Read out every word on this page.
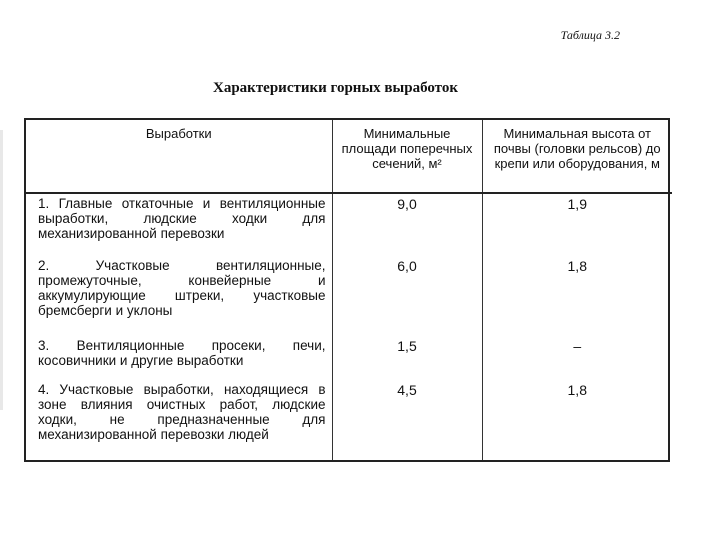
Таблица 3.2
Характеристики горных выработок
Выработки	Минимальные площади поперечных сечений, м²	Минимальная высота от почвы (головки рельсов) до крепи или оборудования, м
1. Главные откаточные и вентиляционные выработки, людские ходки для механизированной перевозки	9,0	1,9
2. Участковые вентиляционные, промежуточные, конвейерные и аккумулирующие штреки, участковые бремсберги и уклоны	6,0	1,8
3. Вентиляционные просеки, печи, косовичники и другие выработки	1,5	–
4. Участковые выработки, находящиеся в зоне влияния очистных работ, людские ходки, не предназначенные для механизированной перевозки людей	4,5	1,8
